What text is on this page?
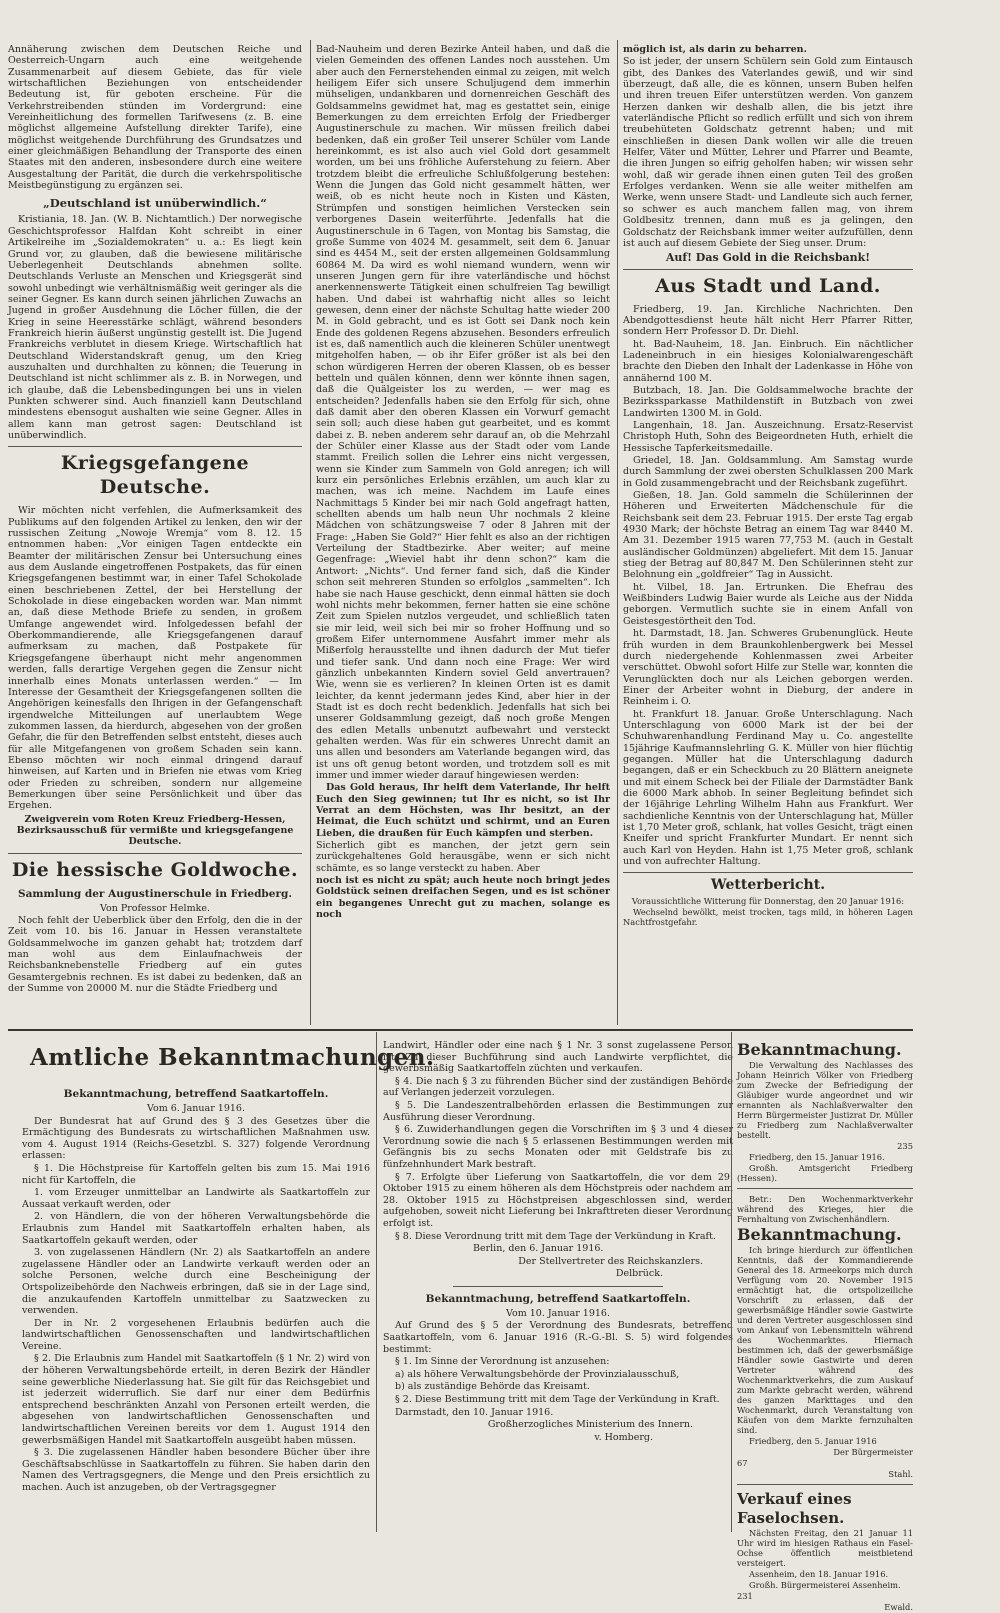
Annäherung zwischen dem Deutschen Reiche und Oesterreich-Ungarn auch eine weitgehende Zusammenarbeit auf diesem Gebiete, das für viele wirtschaftlichen Beziehungen von entscheidender Bedeutung ist, für geboten erscheine. Für die Verkehrstreibenden stünden im Vordergrund: eine Vereinheitlichung des formellen Tarifwesens (z. B. eine möglichst allgemeine Aufstellung direkter Tarife), eine möglichst weitgehende Durchführung des Grundsatzes und einer gleichmäßigen Behandlung der Transporte des einen Staates mit den anderen, insbesondere durch eine weitere Ausgestaltung der Parität, die durch die verkehrspolitische Meistbegünstigung zu ergänzen sei.

„Deutschland ist unüberwindlich.“

Kristiania, 18. Jan. (W. B. Nichtamtlich.) Der norwegische Geschichtsprofessor Halfdan Koht schreibt in einer Artikelreihe im „Sozialdemokraten“ u. a.: Es liegt kein Grund vor, zu glauben, daß die bewiesene militärische Ueberlegenheit Deutschlands abnehmen sollte. Deutschlands Verluste an Menschen und Kriegsgerät sind sowohl unbedingt wie verhältnismäßig weit geringer als die seiner Gegner. Es kann durch seinen jährlichen Zuwachs an Jugend in großer Ausdehnung die Löcher füllen, die der Krieg in seine Heeresstärke schlägt, während besonders Frankreich hierin äußerst ungünstig gestellt ist. Die Jugend Frankreichs verblutet in diesem Kriege. Wirtschaftlich hat Deutschland Widerstandskraft genug, um den Krieg auszuhalten und durchhalten zu können; die Teuerung in Deutschland ist nicht schlimmer als z. B. in Norwegen, und ich glaube, daß die Lebensbedingungen bei uns in vielen Punkten schwerer sind. Auch finanziell kann Deutschland mindestens ebensogut aushalten wie seine Gegner. Alles in allem kann man getrost sagen: Deutschland ist unüberwindlich.

Kriegsgefangene Deutsche.

Wir möchten nicht verfehlen, die Aufmerksamkeit des Publikums auf den folgenden Artikel zu lenken, den wir der russischen Zeitung „Nowoje Wremja“ vom 8. 12. 15 entnommen haben: „Vor einigen Tagen entdeckte ein Beamter der militärischen Zensur bei Untersuchung eines aus dem Auslande eingetroffenen Postpakets, das für einen Kriegsgefangenen bestimmt war, in einer Tafel Schokolade einen beschriebenen Zettel, der bei Herstellung der Schokolade in diese eingebacken worden war. Man nimmt an, daß diese Methode Briefe zu senden, in großem Umfange angewendet wird. Infolgedessen befahl der Oberkommandierende, alle Kriegsgefangenen darauf aufmerksam zu machen, daß Postpakete für Kriegsgefangene überhaupt nicht mehr angenommen werden, falls derartige Vergehen gegen die Zensur nicht innerhalb eines Monats unterlassen werden.“ — Im Interesse der Gesamtheit der Kriegsgefangenen sollten die Angehörigen keinesfalls den Ihrigen in der Gefangenschaft irgendwelche Mitteilungen auf unerlaubtem Wege zukommen lassen, da hierdurch, abgesehen von der großen Gefahr, die für den Betreffenden selbst entsteht, dieses auch für alle Mitgefangenen von großem Schaden sein kann. Ebenso möchten wir noch einmal dringend darauf hinweisen, auf Karten und in Briefen nie etwas vom Krieg oder Frieden zu schreiben, sondern nur allgemeine Bemerkungen über seine Persönlichkeit und über das Ergehen.

Zweigverein vom Roten Kreuz Friedberg-Hessen, Bezirksausschuß für vermißte und kriegsgefangene Deutsche.

Die hessische Goldwoche.
Sammlung der Augustinerschule in Friedberg.

Von Professor Helmke.

Noch fehlt der Ueberblick über den Erfolg, den die in der Zeit vom 10. bis 16. Januar in Hessen veranstaltete Goldsammelwoche im ganzen gehabt hat; trotzdem darf man wohl aus dem Einlaufnachweis der Reichsbanknebenstelle Friedberg auf ein gutes Gesamtergebnis rechnen. Es ist dabei zu bedenken, daß an der Summe von 20000 M. nur die Städte Friedberg und

Bad-Nauheim und deren Bezirke Anteil haben, und daß die vielen Gemeinden des offenen Landes noch ausstehen. Um aber auch den Fernerstehenden einmal zu zeigen, mit welch heiligem Eifer sich unsere Schuljugend dem immerhin mühseligen, undankbaren und dornenreichen Geschäft des Goldsammelns gewidmet hat, mag es gestattet sein, einige Bemerkungen zu dem erreichten Erfolg der Friedberger Augustinerschule zu machen. Wir müssen freilich dabei bedenken, daß ein großer Teil unserer Schüler vom Lande hereinkommt, es ist also auch viel Gold dort gesammelt worden, um bei uns fröhliche Auferstehung zu feiern. Aber trotzdem bleibt die erfreuliche Schlußfolgerung bestehen: Wenn die Jungen das Gold nicht gesammelt hätten, wer weiß, ob es nicht heute noch in Kisten und Kästen, Strümpfen und sonstigen heimlichen Verstecken sein verborgenes Dasein weiterführte. Jedenfalls hat die Augustinerschule in 6 Tagen, von Montag bis Samstag, die große Summe von 4024 M. gesammelt, seit dem 6. Januar sind es 4454 M., seit der ersten allgemeinen Goldsammlung 60864 M. Da wird es wohl niemand wundern, wenn wir unseren Jungen gern für ihre vaterländische und höchst anerkennenswerte Tätigkeit einen schulfreien Tag bewilligt haben. Und dabei ist wahrhaftig nicht alles so leicht gewesen, denn einer der nächste Schultag hatte wieder 200 M. in Gold gebracht, und es ist Gott sei Dank noch kein Ende des goldenen Regens abzusehen. Besonders erfreulich ist es, daß namentlich auch die kleineren Schüler unentwegt mitgeholfen haben, — ob ihr Eifer größer ist als bei den schon würdigeren Herren der oberen Klassen, ob es besser betteln und quälen können, denn wer könnte ihnen sagen, daß die Quälgeister los zu werden, — wer mag es entscheiden? Jedenfalls haben sie den Erfolg für sich, ohne daß damit aber den oberen Klassen ein Vorwurf gemacht sein soll; auch diese haben gut gearbeitet, und es kommt dabei z. B. neben anderem sehr darauf an, ob die Mehrzahl der Schüler einer Klasse aus der Stadt oder vom Lande stammt. Freilich sollen die Lehrer eins nicht vergessen, wenn sie Kinder zum Sammeln von Gold anregen; ich will kurz ein persönliches Erlebnis erzählen, um auch klar zu machen, was ich meine. Nachdem im Laufe eines Nachmittags 5 Kinder bei mir nach Gold angefragt hatten, schellten abends um halb neun Uhr nochmals 2 kleine Mädchen von schätzungsweise 7 oder 8 Jahren mit der Frage: „Haben Sie Gold?“ Hier fehlt es also an der richtigen Verteilung der Stadtbezirke. Aber weiter; auf meine Gegenfrage: „Wieviel habt ihr denn schon?“ kam die Antwort: „Nichts“. Und ferner fand sich, daß die Kinder schon seit mehreren Stunden so erfolglos „sammelten“. Ich habe sie nach Hause geschickt, denn einmal hätten sie doch wohl nichts mehr bekommen, ferner hatten sie eine schöne Zeit zum Spielen nutzlos vergeudet, und schließlich taten sie mir leid, weil sich bei mir so froher Hoffnung und so großem Eifer unternommene Ausfahrt immer mehr als Mißerfolg herausstellte und ihnen dadurch der Mut tiefer und tiefer sank. Und dann noch eine Frage: Wer wird gänzlich unbekannten Kindern soviel Geld anvertrauen? Wie, wenn sie es verlieren? In kleinen Orten ist es damit leichter, da kennt jedermann jedes Kind, aber hier in der Stadt ist es doch recht bedenklich. Jedenfalls hat sich bei unserer Goldsammlung gezeigt, daß noch große Mengen des edlen Metalls unbenutzt aufbewahrt und versteckt gehalten werden. Was für ein schweres Unrecht damit an uns allen und besonders am Vaterlande begangen wird, das ist uns oft genug betont worden, und trotzdem soll es mit immer und immer wieder darauf hingewiesen werden:

Das Gold heraus, Ihr helft dem Vaterlande, Ihr helft Euch den Sieg gewinnen; tut Ihr es nicht, so ist Ihr Verrat an dem Höchsten, was Ihr besitzt, an der Heimat, die Euch schützt und schirmt, und an Euren Lieben, die draußen für Euch kämpfen und sterben.

Sicherlich gibt es manchen, der jetzt gern sein zurückgehaltenes Gold herausgäbe, wenn er sich nicht schämte, es so lange versteckt zu haben. Aber

noch ist es nicht zu spät; auch heute noch bringt jedes Goldstück seinen dreifachen Segen, und es ist schöner ein begangenes Unrecht gut zu machen, solange es noch

möglich ist, als darin zu beharren.

So ist jeder, der unsern Schülern sein Gold zum Eintausch gibt, des Dankes des Vaterlandes gewiß, und wir sind überzeugt, daß alle, die es können, unsern Buben helfen und ihren treuen Eifer unterstützen werden. Von ganzem Herzen danken wir deshalb allen, die bis jetzt ihre vaterländische Pflicht so redlich erfüllt und sich von ihrem treubehüteten Goldschatz getrennt haben; und mit einschließen in diesen Dank wollen wir alle die treuen Helfer, Väter und Mütter, Lehrer und Pfarrer und Beamte, die ihren Jungen so eifrig geholfen haben; wir wissen sehr wohl, daß wir gerade ihnen einen guten Teil des großen Erfolges verdanken. Wenn sie alle weiter mithelfen am Werke, wenn unsere Stadt- und Landleute sich auch ferner, so schwer es auch manchem fallen mag, von ihrem Goldbesitz trennen, dann muß es ja gelingen, den Goldschatz der Reichsbank immer weiter aufzufüllen, denn ist auch auf diesem Gebiete der Sieg unser. Drum:

Auf! Das Gold in die Reichsbank!

Aus Stadt und Land.

Friedberg, 19. Jan. Kirchliche Nachrichten. Den Abendgottesdienst heute hält nicht Herr Pfarrer Ritter, sondern Herr Professor D. Dr. Diehl.

ht. Bad-Nauheim, 18. Jan. Einbruch. Ein nächtlicher Ladeneinbruch in ein hiesiges Kolonialwarengeschäft brachte den Dieben den Inhalt der Ladenkasse in Höhe von annähernd 100 M.

Butzbach, 18. Jan. Die Goldsammelwoche brachte der Bezirkssparkasse Mathildenstift in Butzbach von zwei Landwirten 1300 M. in Gold.

Langenhain, 18. Jan. Auszeichnung. Ersatz-Reservist Christoph Huth, Sohn des Beigeordneten Huth, erhielt die Hessische Tapferkeitsmedaille.

Griedel, 18. Jan. Goldsammlung. Am Samstag wurde durch Sammlung der zwei obersten Schulklassen 200 Mark in Gold zusammengebracht und der Reichsbank zugeführt.

Gießen, 18. Jan. Gold sammeln die Schülerinnen der Höheren und Erweiterten Mädchenschule für die Reichsbank seit dem 23. Februar 1915. Der erste Tag ergab 4930 Mark; der höchste Betrag an einem Tag war 8440 M. Am 31. Dezember 1915 waren 77,753 M. (auch in Gestalt ausländischer Goldmünzen) abgeliefert. Mit dem 15. Januar stieg der Betrag auf 80,847 M. Den Schülerinnen steht zur Belohnung ein „goldfreier“ Tag in Aussicht.

ht. Vilbel, 18. Jan. Ertrunken. Die Ehefrau des Weißbinders Ludwig Baier wurde als Leiche aus der Nidda geborgen. Vermutlich suchte sie in einem Anfall von Geistesgestörtheit den Tod.

ht. Darmstadt, 18. Jan. Schweres Grubenunglück. Heute früh wurden in dem Braunkohlenbergwerk bei Messel durch niedergehende Kohlenmassen zwei Arbeiter verschüttet. Obwohl sofort Hilfe zur Stelle war, konnten die Verunglückten doch nur als Leichen geborgen werden. Einer der Arbeiter wohnt in Dieburg, der andere in Reinheim i. O.

ht. Frankfurt 18. Januar. Große Unterschlagung. Nach Unterschlagung von 6000 Mark ist der bei der Schuhwarenhandlung Ferdinand May u. Co. angestellte 15jährige Kaufmannslehrling G. K. Müller von hier flüchtig gegangen. Müller hat die Unterschlagung dadurch begangen, daß er ein Scheckbuch zu 20 Blättern aneignete und mit einem Scheck bei der Filiale der Darmstädter Bank die 6000 Mark abhob. In seiner Begleitung befindet sich der 16jährige Lehrling Wilhelm Hahn aus Frankfurt. Wer sachdienliche Kenntnis von der Unterschlagung hat, Müller ist 1,70 Meter groß, schlank, hat volles Gesicht, trägt einen Kneifer und spricht Frankfurter Mundart. Er nennt sich auch Karl von Heyden. Hahn ist 1,75 Meter groß, schlank und von aufrechter Haltung.

Wetterbericht.

Voraussichtliche Witterung für Donnerstag, den 20 Januar 1916:

Wechselnd bewölkt, meist trocken, tags mild, in höheren Lagen Nachtfrostgefahr.

Amtliche Bekanntmachungen.
Bekanntmachung, betreffend Saatkartoffeln.

Vom 6. Januar 1916.

Der Bundesrat hat auf Grund des § 3 des Gesetzes über die Ermächtigung des Bundesrats zu wirtschaftlichen Maßnahmen usw. vom 4. August 1914 (Reichs-Gesetzbl. S. 327) folgende Verordnung erlassen:

§ 1. Die Höchstpreise für Kartoffeln gelten bis zum 15. Mai 1916 nicht für Kartoffeln, die

1. vom Erzeuger unmittelbar an Landwirte als Saatkartoffeln zur Aussaat verkauft werden, oder

2. von Händlern, die von der höheren Verwaltungsbehörde die Erlaubnis zum Handel mit Saatkartoffeln erhalten haben, als Saatkartoffeln gekauft werden, oder

3. von zugelassenen Händlern (Nr. 2) als Saatkartoffeln an andere zugelassene Händler oder an Landwirte verkauft werden oder an solche Personen, welche durch eine Bescheinigung der Ortspolizeibehörde den Nachweis erbringen, daß sie in der Lage sind, die anzukaufenden Kartoffeln unmittelbar zu Saatzwecken zu verwenden.

Der in Nr. 2 vorgesehenen Erlaubnis bedürfen auch die landwirtschaftlichen Genossenschaften und landwirtschaftlichen Vereine.

§ 2. Die Erlaubnis zum Handel mit Saatkartoffeln (§ 1 Nr. 2) wird von der höheren Verwaltungsbehörde erteilt, in deren Bezirk der Händler seine gewerbliche Niederlassung hat. Sie gilt für das Reichsgebiet und ist jederzeit widerruflich. Sie darf nur einer dem Bedürfnis entsprechend beschränkten Anzahl von Personen erteilt werden, die abgesehen von landwirtschaftlichen Genossenschaften und landwirtschaftlichen Vereinen bereits vor dem 1. August 1914 den gewerbsmäßigen Handel mit Saatkartoffeln ausgeübt haben müssen.

§ 3. Die zugelassenen Händler haben besondere Bücher über ihre Geschäftsabschlüsse in Saatkartoffeln zu führen. Sie haben darin den Namen des Vertragsgegners, die Menge und den Preis ersichtlich zu machen. Auch ist anzugeben, ob der Vertragsgegner

Landwirt, Händler oder eine nach § 1 Nr. 3 sonst zugelassene Person ist. Zu dieser Buchführung sind auch Landwirte verpflichtet, die gewerbsmäßig Saatkartoffeln züchten und verkaufen.

§ 4. Die nach § 3 zu führenden Bücher sind der zuständigen Behörde auf Verlangen jederzeit vorzulegen.

§ 5. Die Landeszentralbehörden erlassen die Bestimmungen zur Ausführung dieser Verordnung.

§ 6. Zuwiderhandlungen gegen die Vorschriften im § 3 und 4 dieser Verordnung sowie die nach § 5 erlassenen Bestimmungen werden mit Gefängnis bis zu sechs Monaten oder mit Geldstrafe bis zu fünfzehnhundert Mark bestraft.

§ 7. Erfolgte über Lieferung von Saatkartoffeln, die vor dem 29. Oktober 1915 zu einem höheren als dem Höchstpreis oder nachdem am 28. Oktober 1915 zu Höchstpreisen abgeschlossen sind, werden aufgehoben, soweit nicht Lieferung bei Inkrafttreten dieser Verordnung erfolgt ist.

§ 8. Diese Verordnung tritt mit dem Tage der Verkündung in Kraft.

Berlin, den 6. Januar 1916.

Der Stellvertreter des Reichskanzlers.

Delbrück.

Bekanntmachung, betreffend Saatkartoffeln.

Vom 10. Januar 1916.

Auf Grund des § 5 der Verordnung des Bundesrats, betreffend Saatkartoffeln, vom 6. Januar 1916 (R.-G.-Bl. S. 5) wird folgendes bestimmt:

§ 1. Im Sinne der Verordnung ist anzusehen:

a) als höhere Verwaltungsbehörde der Provinzialausschuß,

b) als zuständige Behörde das Kreisamt.

§ 2. Diese Bestimmung tritt mit dem Tage der Verkündung in Kraft.

Darmstadt, den 10. Januar 1916.

Großherzogliches Ministerium des Innern.

v. Homberg.

Bekanntmachung.

Die Verwaltung des Nachlasses des Johann Heinrich Völker von Friedberg zum Zwecke der Befriedigung der Gläubiger wurde angeordnet und wir ernannten als Nachlaßverwalter den Herrn Bürgermeister Justizrat Dr. Müller zu Friedberg zum Nachlaßverwalter bestellt.

235

Friedberg, den 15. Januar 1916.

Großh. Amtsgericht Friedberg (Hessen).

Betr.: Den Wochenmarktverkehr während des Krieges, hier die Fernhaltung von Zwischenhändlern.

Bekanntmachung.

Ich bringe hierdurch zur öffentlichen Kenntnis, daß der Kommandierende General des 18. Armeekorps mich durch Verfügung vom 20. November 1915 ermächtigt hat, die ortspolizeiliche Vorschrift zu erlassen, daß der gewerbsmäßige Händler sowie Gastwirte und deren Vertreter ausgeschlossen sind vom Ankauf von Lebensmitteln während des Wochenmarktes. Hiernach bestimmen ich, daß der gewerbsmäßige Händler sowie Gastwirte und deren Vertreter während des Wochenmarktverkehrs, die zum Auskauf zum Markte gebracht werden, während des ganzen Markttages und den Wochenmarkt, durch Veranstaltung von Käufen von dem Markte fernzuhalten sind.

Friedberg, den 5. Januar 1916

Der Bürgermeister

67

Stahl.

Verkauf eines Faselochsen.

Nächsten Freitag, den 21 Januar 11 Uhr wird im hiesigen Rathaus ein Fasel-Ochse öffentlich meistbietend versteigert.

Assenheim, den 18. Januar 1916.

Großh. Bürgermeisterei Assenheim.

231

Ewald.
